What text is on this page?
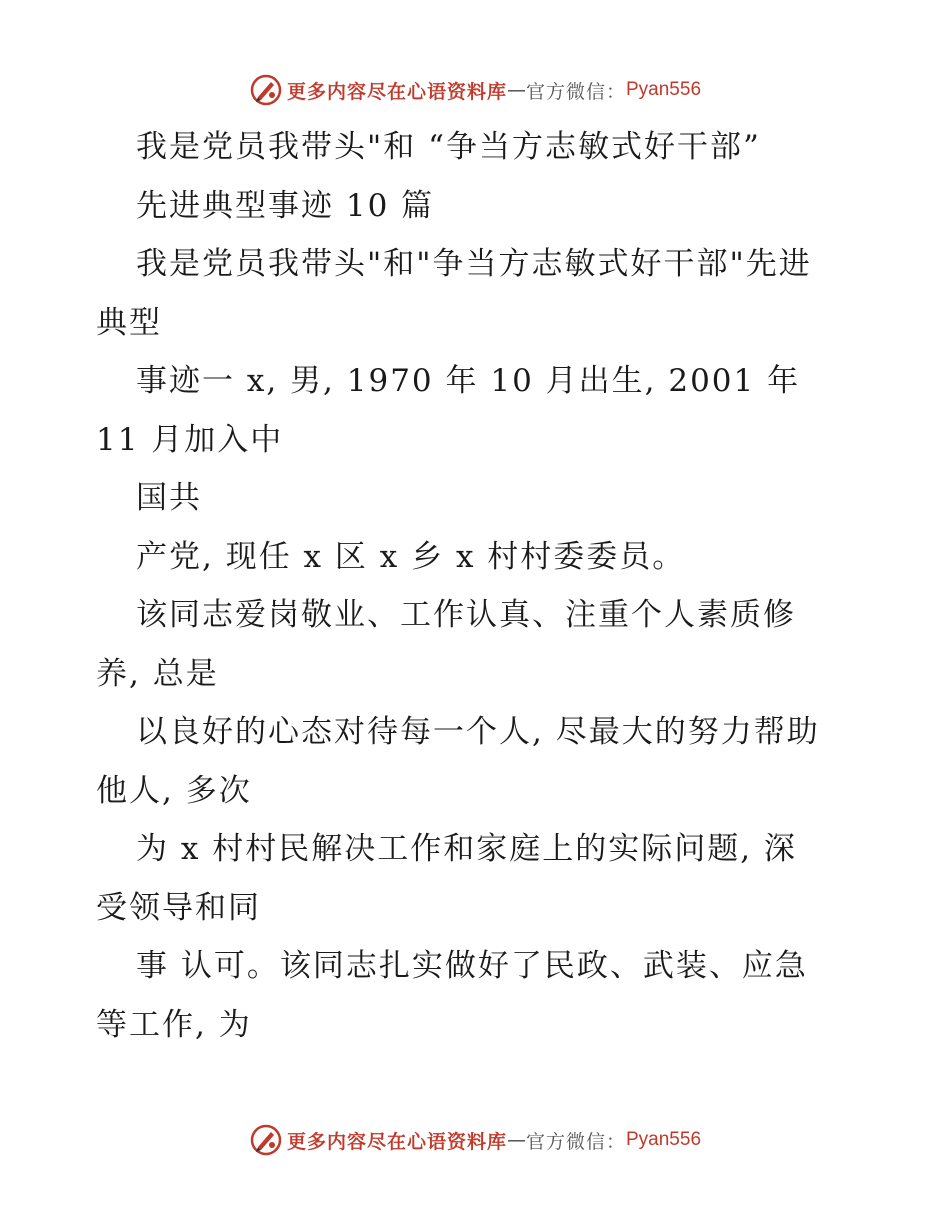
更多内容尽在心语资料库 — 官方微信： Pyan556
我是党员我带头"和 “争当方志敏式好干部”
先进典型事迹 10 篇
我是党员我带头"和"争当方志敏式好干部"先进
典型
事迹一 x, 男, 1970 年 10 月出生, 2001 年
11 月加入中
国共
产党, 现任 x 区 x 乡 x 村村委委员。
该同志爱岗敬业、工作认真、注重个人素质修
养, 总是
以良好的心态对待每一个人, 尽最大的努力帮助
他人, 多次
为 x 村村民解决工作和家庭上的实际问题, 深
受领导和同
事 认可。该同志扎实做好了民政、武装、应急
等工作, 为
更多内容尽在心语资料库 — 官方微信： Pyan556
